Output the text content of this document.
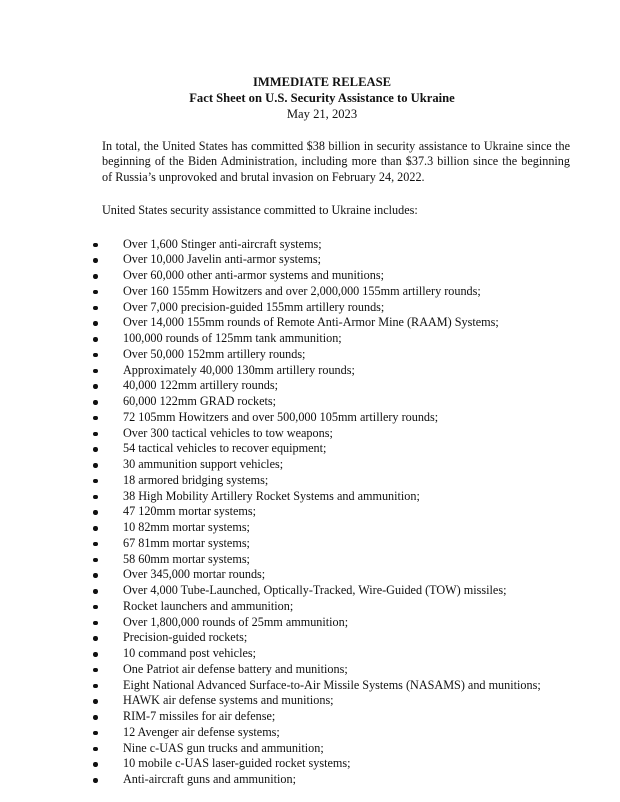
IMMEDIATE RELEASE
Fact Sheet on U.S. Security Assistance to Ukraine
May 21, 2023

In total, the United States has committed $38 billion in security assistance to Ukraine since the beginning of the Biden Administration, including more than $37.3 billion since the beginning of Russia’s unprovoked and brutal invasion on February 24, 2022.

United States security assistance committed to Ukraine includes:

Over 1,600 Stinger anti-aircraft systems;
Over 10,000 Javelin anti-armor systems;
Over 60,000 other anti-armor systems and munitions;
Over 160 155mm Howitzers and over 2,000,000 155mm artillery rounds;
Over 7,000 precision-guided 155mm artillery rounds;
Over 14,000 155mm rounds of Remote Anti-Armor Mine (RAAM) Systems;
100,000 rounds of 125mm tank ammunition;
Over 50,000 152mm artillery rounds;
Approximately 40,000 130mm artillery rounds;
40,000 122mm artillery rounds;
60,000 122mm GRAD rockets;
72 105mm Howitzers and over 500,000 105mm artillery rounds;
Over 300 tactical vehicles to tow weapons;
54 tactical vehicles to recover equipment;
30 ammunition support vehicles;
18 armored bridging systems;
38 High Mobility Artillery Rocket Systems and ammunition;
47 120mm mortar systems;
10 82mm mortar systems;
67 81mm mortar systems;
58 60mm mortar systems;
Over 345,000 mortar rounds;
Over 4,000 Tube-Launched, Optically-Tracked, Wire-Guided (TOW) missiles;
Rocket launchers and ammunition;
Over 1,800,000 rounds of 25mm ammunition;
Precision-guided rockets;
10 command post vehicles;
One Patriot air defense battery and munitions;
Eight National Advanced Surface-to-Air Missile Systems (NASAMS) and munitions;
HAWK air defense systems and munitions;
RIM-7 missiles for air defense;
12 Avenger air defense systems;
Nine c-UAS gun trucks and ammunition;
10 mobile c-UAS laser-guided rocket systems;
Anti-aircraft guns and ammunition;
